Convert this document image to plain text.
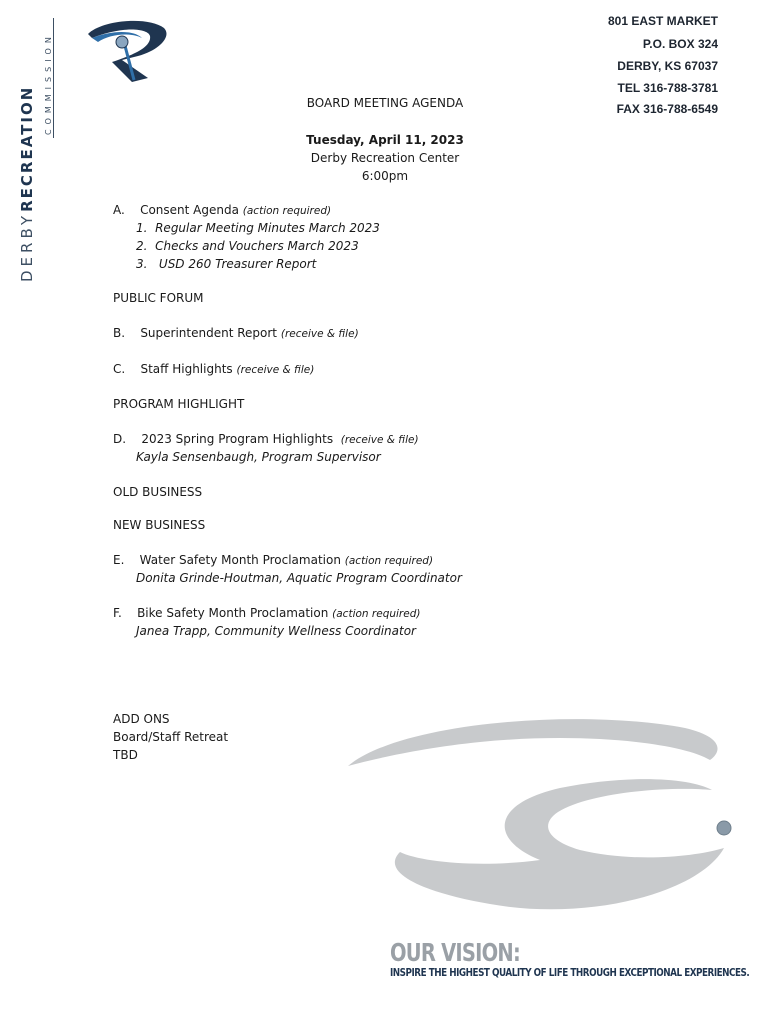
DERBY
RECREATION
COMMISSION
801 EAST MARKET
P.O. BOX 324
DERBY, KS 67037
TEL 316-788-3781
FAX 316-788-6549
BOARD MEETING AGENDA
Tuesday, April 11, 2023
Derby Recreation Center
6:00pm
A. Consent Agenda (action required)
1. Regular Meeting Minutes March 2023
2. Checks and Vouchers March 2023
3. USD 260 Treasurer Report
PUBLIC FORUM
B. Superintendent Report (receive & file)
C. Staff Highlights (receive & file)
PROGRAM HIGHLIGHT
D. 2023 Spring Program Highlights (receive & file)
Kayla Sensenbaugh, Program Supervisor
OLD BUSINESS
NEW BUSINESS
E. Water Safety Month Proclamation (action required)
Donita Grinde-Houtman, Aquatic Program Coordinator
F. Bike Safety Month Proclamation (action required)
Janea Trapp, Community Wellness Coordinator
ADD ONS
Board/Staff Retreat
TBD
OUR VISION:
INSPIRE THE HIGHEST QUALITY OF LIFE THROUGH EXCEPTIONAL EXPERIENCES.
